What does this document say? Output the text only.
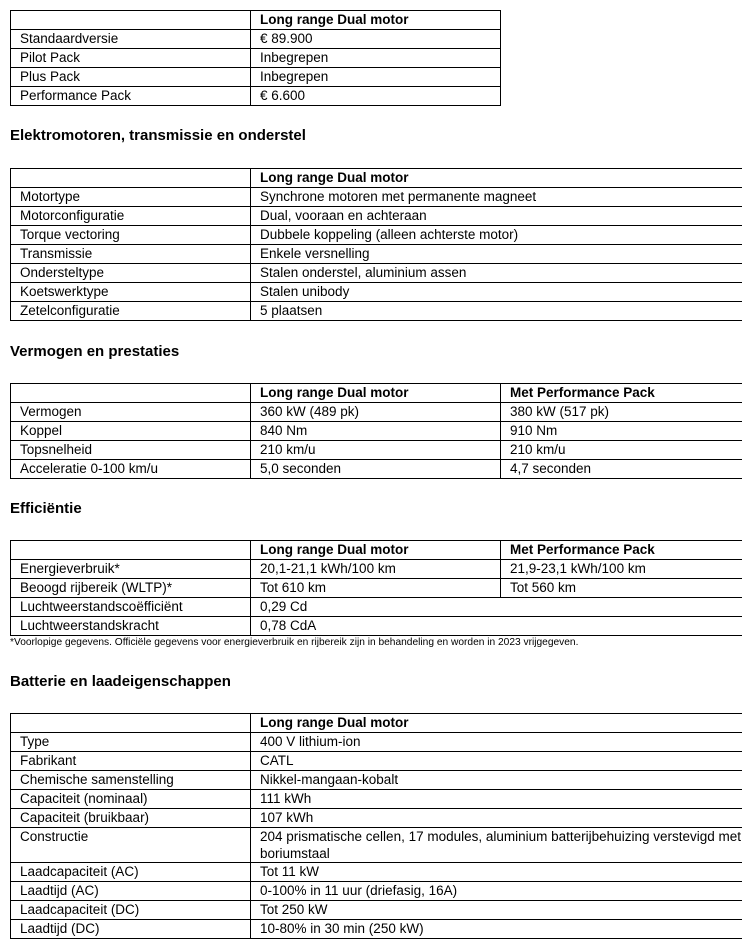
	Long range Dual motor
Standaardversie	€ 89.900
Pilot Pack	Inbegrepen
Plus Pack	Inbegrepen
Performance Pack	€ 6.600
Elektromotoren, transmissie en onderstel
	Long range Dual motor
Motortype	Synchrone motoren met permanente magneet
Motorconfiguratie	Dual, vooraan en achteraan
Torque vectoring	Dubbele koppeling (alleen achterste motor)
Transmissie	Enkele versnelling
Ondersteltype	Stalen onderstel, aluminium assen
Koetswerktype	Stalen unibody
Zetelconfiguratie	5 plaatsen
Vermogen en prestaties
	Long range Dual motor	Met Performance Pack
Vermogen	360 kW (489 pk)	380 kW (517 pk)
Koppel	840 Nm	910 Nm
Topsnelheid	210 km/u	210 km/u
Acceleratie 0-100 km/u	5,0 seconden	4,7 seconden
Efficiëntie
	Long range Dual motor	Met Performance Pack
Energieverbruik*	20,1-21,1 kWh/100 km	21,9-23,1 kWh/100 km
Beoogd rijbereik (WLTP)*	Tot 610 km	Tot 560 km
Luchtweerstandscoëfficiënt	0,29 Cd	
Luchtweerstandskracht	0,78 CdA	
*Voorlopige gegevens. Officiële gegevens voor energieverbruik en rijbereik zijn in behandeling en worden in 2023 vrijgegeven.
Batterie en laadeigenschappen
	Long range Dual motor
Type	400 V lithium-ion
Fabrikant	CATL
Chemische samenstelling	Nikkel-mangaan-kobalt
Capaciteit (nominaal)	111 kWh
Capaciteit (bruikbaar)	107 kWh
Constructie	204 prismatische cellen, 17 modules, aluminium batterijbehuizing verstevigd met boriumstaal
Laadcapaciteit (AC)	Tot 11 kW
Laadtijd (AC)	0-100% in 11 uur (driefasig, 16A)
Laadcapaciteit (DC)	Tot 250 kW
Laadtijd (DC)	10-80% in 30 min (250 kW)
